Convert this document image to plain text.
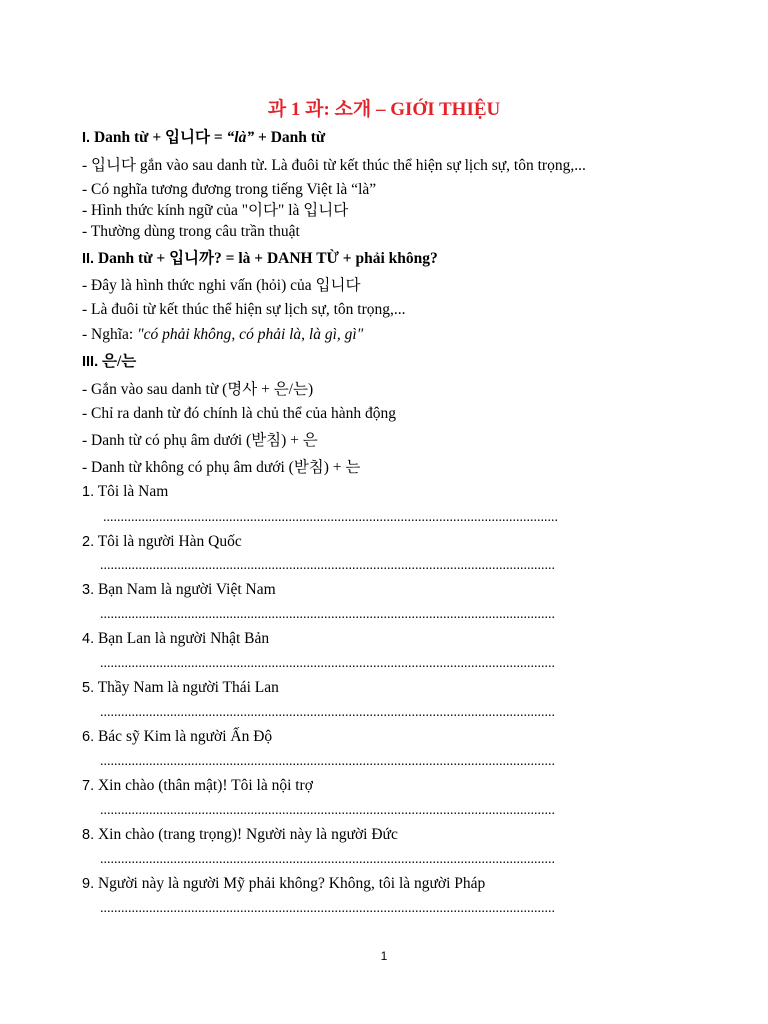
과 1 과: 소개 – GIỚI THIỆU
I. Danh từ + 입니다 = “là” + Danh từ
- 입니다 gắn vào sau danh từ. Là đuôi từ kết thúc thể hiện sự lịch sự, tôn trọng,...
- Có nghĩa tương đương trong tiếng Việt là “là”
- Hình thức kính ngữ của "이다" là 입니다
- Thường dùng trong câu trần thuật
II. Danh từ + 입니까? = là + DANH TỪ + phải không?
- Đây là hình thức nghi vấn (hỏi) của 입니다
- Là đuôi từ kết thúc thể hiện sự lịch sự, tôn trọng,...
- Nghĩa: "có phải không, có phải là, là gì, gì"
III. 은/는
- Gắn vào sau danh từ (명사 + 은/는)
- Chỉ ra danh từ đó chính là chủ thể của hành động
- Danh từ có phụ âm dưới (받침) + 은
- Danh từ không có phụ âm dưới (받침) + 는
1. Tôi là Nam
..................................................................................................................................
2. Tôi là người Hàn Quốc
..................................................................................................................................
3. Bạn Nam là người Việt Nam
..................................................................................................................................
4. Bạn Lan là người Nhật Bản
..................................................................................................................................
5. Thầy Nam là người Thái Lan
..................................................................................................................................
6. Bác sỹ Kim là người Ấn Độ
..................................................................................................................................
7. Xin chào (thân mật)! Tôi là nội trợ
..................................................................................................................................
8. Xin chào (trang trọng)! Người này là người Đức
..................................................................................................................................
9. Người này là người Mỹ phải không? Không, tôi là người Pháp
..................................................................................................................................
1
